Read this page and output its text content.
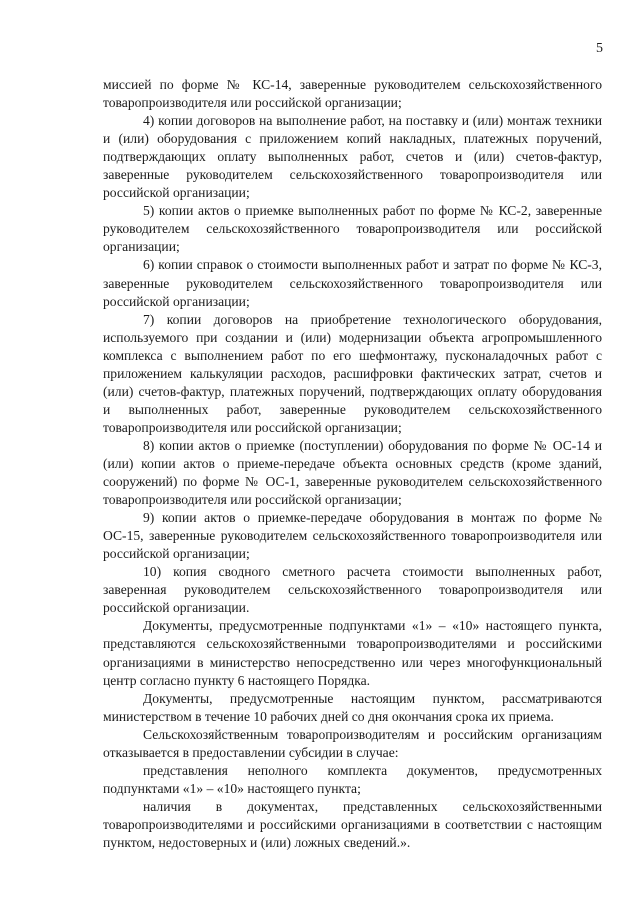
5

миссией по форме № КС-14, заверенные руководителем сельскохозяйственного товаропроизводителя или российской организации;

4) копии договоров на выполнение работ, на поставку и (или) монтаж техники и (или) оборудования с приложением копий накладных, платежных поручений, подтверждающих оплату выполненных работ, счетов и (или) счетов-фактур, заверенные руководителем сельскохозяйственного товаропроизводителя или российской организации;

5) копии актов о приемке выполненных работ по форме № КС-2, заверенные руководителем сельскохозяйственного товаропроизводителя или российской организации;

6) копии справок о стоимости выполненных работ и затрат по форме № КС-3, заверенные руководителем сельскохозяйственного товаропроизводителя или российской организации;

7) копии договоров на приобретение технологического оборудования, используемого при создании и (или) модернизации объекта агропромышленного комплекса с выполнением работ по его шефмонтажу, пусконаладочных работ с приложением калькуляции расходов, расшифровки фактических затрат, счетов и (или) счетов-фактур, платежных поручений, подтверждающих оплату оборудования и выполненных работ, заверенные руководителем сельскохозяйственного товаропроизводителя или российской организации;

8) копии актов о приемке (поступлении) оборудования по форме № ОС-14 и (или) копии актов о приеме-передаче объекта основных средств (кроме зданий, сооружений) по форме № ОС-1, заверенные руководителем сельскохозяйственного товаропроизводителя или российской организации;

9) копии актов о приемке-передаче оборудования в монтаж по форме № ОС-15, заверенные руководителем сельскохозяйственного товаропроизводителя или российской организации;

10) копия сводного сметного расчета стоимости выполненных работ, заверенная руководителем сельскохозяйственного товаропроизводителя или российской организации.

Документы, предусмотренные подпунктами «1» – «10» настоящего пункта, представляются сельскохозяйственными товаропроизводителями и российскими организациями в министерство непосредственно или через многофункциональный центр согласно пункту 6 настоящего Порядка.

Документы, предусмотренные настоящим пунктом, рассматриваются министерством в течение 10 рабочих дней со дня окончания срока их приема.

Сельскохозяйственным товаропроизводителям и российским организациям отказывается в предоставлении субсидии в случае:

представления неполного комплекта документов, предусмотренных подпунктами «1» – «10» настоящего пункта;

наличия в документах, представленных сельскохозяйственными товаропроизводителями и российскими организациями в соответствии с настоящим пунктом, недостоверных и (или) ложных сведений.».
